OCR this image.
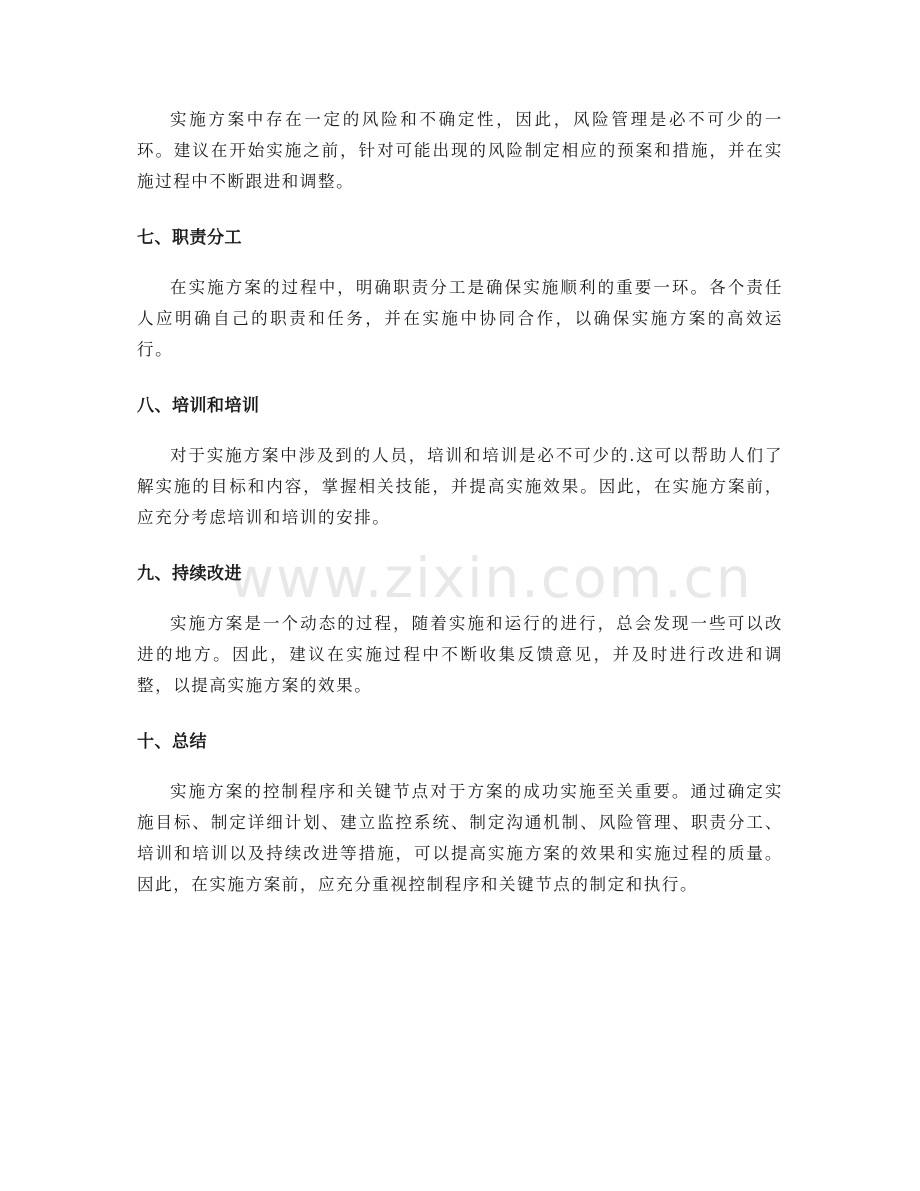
实施方案中存在一定的风险和不确定性，因此，风险管理是必不可少的一环。建议在开始实施之前，针对可能出现的风险制定相应的预案和措施，并在实施过程中不断跟进和调整。

七、职责分工

在实施方案的过程中，明确职责分工是确保实施顺利的重要一环。各个责任人应明确自己的职责和任务，并在实施中协同合作，以确保实施方案的高效运行。

八、培训和培训

对于实施方案中涉及到的人员，培训和培训是必不可少的.这可以帮助人们了解实施的目标和内容，掌握相关技能，并提高实施效果。因此，在实施方案前，应充分考虑培训和培训的安排。

九、持续改进

实施方案是一个动态的过程，随着实施和运行的进行，总会发现一些可以改进的地方。因此，建议在实施过程中不断收集反馈意见，并及时进行改进和调整，以提高实施方案的效果。

十、总结

实施方案的控制程序和关键节点对于方案的成功实施至关重要。通过确定实施目标、制定详细计划、建立监控系统、制定沟通机制、风险管理、职责分工、培训和培训以及持续改进等措施，可以提高实施方案的效果和实施过程的质量。因此，在实施方案前，应充分重视控制程序和关键节点的制定和执行。

www.zixin.com.cn
